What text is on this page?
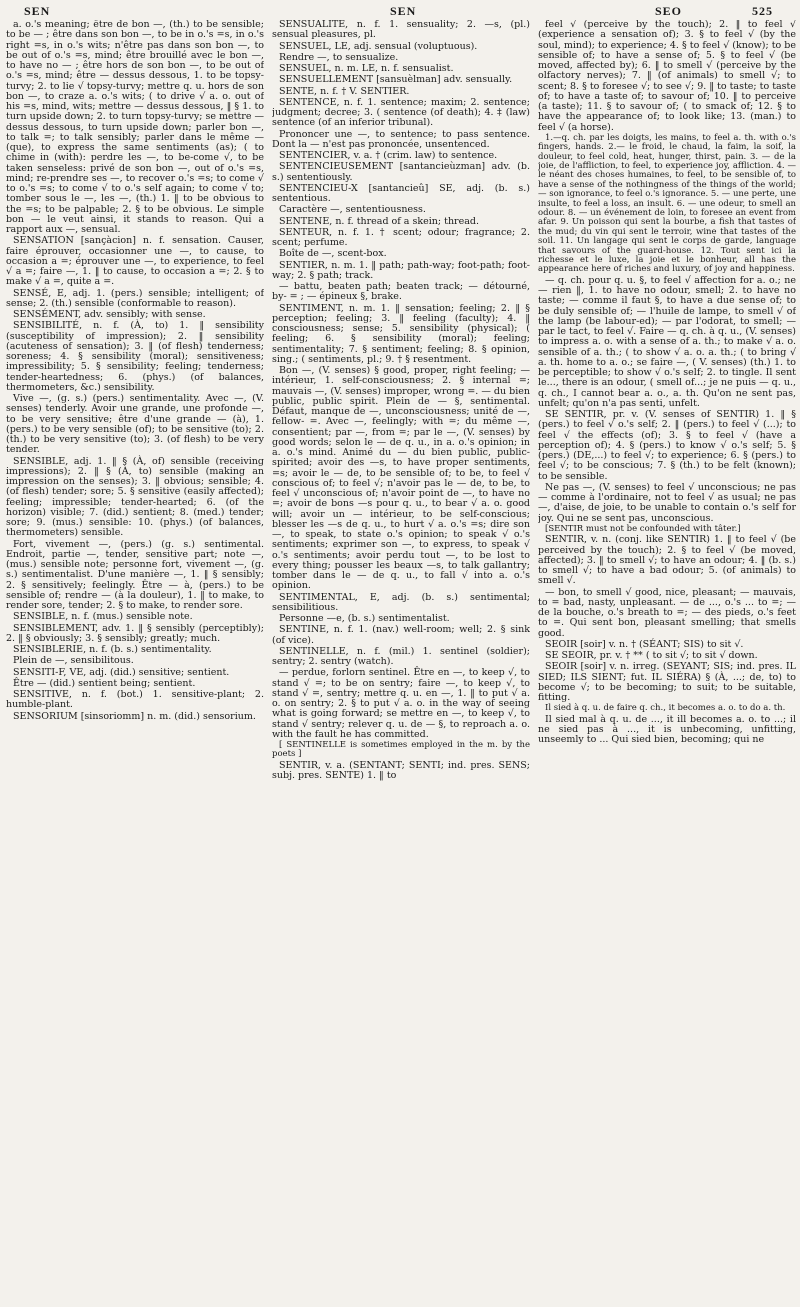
SEN	SEN	SEO	525

a. o.'s meaning; être de bon —, (th.) to be sensible; to be — ; être dans son bon —, to be in o.'s =s, in o.'s right =s, in o.'s wits; n'être pas dans son bon —, to be out of o.'s =s, mind; être brouillé avec le bon —, to have no — ; être hors de son bon —, to be out of o.'s =s, mind; être — dessus dessous, 1. to be topsy-turvy; 2. to lie √ topsy-turvy; mettre q. u. hors de son bon —, to craze a. o.'s wits; ( to drive √ a. o. out of his =s, mind, wits; mettre — dessus dessous, ‖ § 1. to turn upside down; 2. to turn topsy-turvy; se mettre — dessus dessous, to turn upside down; parler bon —, to talk =; to talk sensibly; parler dans le même — (que), to express the same sentiments (as); ( to chime in (with): perdre les —, to be-come √, to be taken senseless: privé de son bon —, out of o.'s =s, mind; re-prendre ses —, to recover o.'s =s; to come √ to o.'s =s; to come √ to o.'s self again; to come √ to; tomber sous le —, les —, (th.) 1. ‖ to be obvious to the =s; to be palpable; 2. § to be obvious. Le simple bon — le veut ainsi, it stands to reason. Qui a rapport aux —, sensual.

SENSATION [sançàcion] n. f. sensation. Causer, faire éprouver, occasionner une —, to cause, to occasion a =; éprouver une —, to experience, to feel √ a =; faire —, 1. ‖ to cause, to occasion a =; 2. § to make √ a =, quite a =.

SENSÉ, E, adj. 1. (pers.) sensible; intelligent; of sense; 2. (th.) sensible (conformable to reason).

SENSÉMENT, adv. sensibly; with sense.

SENSIBILITÉ, n. f. (À, to) 1. ‖ sensibility (susceptibility of impression); 2. ‖ sensibility (acuteness of sensation); 3. ‖ (of flesh) tenderness; soreness; 4. § sensibility (moral); sensitiveness; impressibility; 5. § sensibility; feeling; tenderness; tender-heartedness; 6. (phys.) (of balances, thermometers, &c.) sensibility.

Vive —, (g. s.) (pers.) sentimentality. Avec —, (V. senses) tenderly. Avoir une grande, une profonde —, to be very sensitive; être d'une grande — (à), 1. (pers.) to be very sensible (of); to be sensitive (to); 2. (th.) to be very sensitive (to); 3. (of flesh) to be very tender.

SENSIBLE, adj. 1. ‖ § (À, of) sensible (receiving impressions); 2. ‖ § (À, to) sensible (making an impression on the senses); 3. ‖ obvious; sensible; 4. (of flesh) tender; sore; 5. § sensitive (easily affected); feeling; impressible; tender-hearted; 6. (of the horizon) visible; 7. (did.) sentient; 8. (med.) tender; sore; 9. (mus.) sensible: 10. (phys.) (of balances, thermometers) sensible.

Fort, vivement —, (pers.) (g. s.) sentimental. Endroit, partie —, tender, sensitive part; note —, (mus.) sensible note; personne fort, vivement —, (g. s.) sentimentalist. D'une manière —, 1. ‖ § sensibly; 2. § sensitively; feelingly. Être — à, (pers.) to be sensible of; rendre — (à la douleur), 1. ‖ to make, to render sore, tender; 2. § to make, to render sore.

SENSIBLE, n. f. (mus.) sensible note.

SENSIBLEMENT, adv. 1. ‖ § sensibly (perceptibly); 2. ‖ § obviously; 3. § sensibly; greatly; much.

SENSIBLERIE, n. f. (b. s.) sentimentality.

Plein de —, sensibilitous.

SENSITI-F, VE, adj. (did.) sensitive; sentient.

Être — (did.) sentient being; sentient.

SENSITIVE, n. f. (bot.) 1. sensitive-plant; 2. humble-plant.

SENSORIUM [sinsoriomm] n. m. (did.) sensorium.

SENSUALITÉ, n. f. 1. sensuality; 2. —s, (pl.) sensual pleasures, pl.

SENSUEL, LE, adj. sensual (voluptuous).

Rendre —, to sensualize.

SENSUEL, n. m. LE, n. f. sensualist.

SENSUELLEMENT [sansuèlman] adv. sensually.

SENTE, n. f. † V. SENTIER.

SENTENCE, n. f. 1. sentence; maxim; 2. sentence; judgment; decree; 3. ( sentence (of death); 4. ‡ (law) sentence (of an inferior tribunal).

Prononcer une —, to sentence; to pass sentence. Dont la — n'est pas prononcée, unsentenced.

SENTENCIER, v. a. † (crim. law) to sentence.

SENTENCIEUSEMENT [santancieùzman] adv. (b. s.) sententiously.

SENTENCIEU-X [santancieû] SE, adj. (b. s.) sententious.

Caractère —, sententiousness.

SENTENE, n. f. thread of a skein; thread.

SENTEUR, n. f. 1. † scent; odour; fragrance; 2. scent; perfume.

Boîte de —, scent-box.

SENTIER, n. m. 1. ‖ path; path-way; foot-path; foot-way; 2. § path; track.

— battu, beaten path; beaten track; — détourné, by- = ; — épineux §, brake.

SENTIMENT, n. m. 1. ‖ sensation; feeling; 2. ‖ § perception; feeling; 3. ‖ feeling (faculty); 4. ‖ consciousness; sense; 5. sensibility (physical); ( feeling; 6. § sensibility (moral); feeling; sentimentality; 7. § sentiment; feeling; 8. § opinion, sing.; ( sentiments, pl.; 9. † § resentment.

Bon —, (V. senses) § good, proper, right feeling; — intérieur, 1. self-consciousness; 2. § internal =; mauvais —, (V. senses) improper, wrong =. — du bien public, public spirit. Plein de — §, sentimental. Défaut, manque de —, unconsciousness; unité de —, fellow- =. Avec —, feelingly; with =; du même —, consentient; par —, from =; par le —, (V. senses) by good words; selon le — de q. u., in a. o.'s opinion; in a. o.'s mind. Animé du — du bien public, public-spirited; avoir des —s, to have proper sentiments, =s; avoir le — de, to be sensible of; to be, to feel √ conscious of; to feel √; n'avoir pas le — de, to be, to feel √ unconscious of; n'avoir point de —, to have no =; avoir de bons —s pour q. u., to bear √ a. o. good will; avoir un — intérieur, to be self-conscious; blesser les —s de q. u., to hurt √ a. o.'s =s; dire son —, to speak, to state o.'s opinion; to speak √ o.'s sentiments; exprimer son —, to express, to speak √ o.'s sentiments; avoir perdu tout —, to be lost to every thing; pousser les beaux —s, to talk gallantry; tomber dans le — de q. u., to fall √ into a. o.'s opinion.

SENTIMENTAL, E, adj. (b. s.) sentimental; sensibilitious.

Personne —e, (b. s.) sentimentalist.

SENTINE, n. f. 1. (nav.) well-room; well; 2. § sink (of vice).

SENTINELLE, n. f. (mil.) 1. sentinel (soldier); sentry; 2. sentry (watch).

— perdue, forlorn sentinel. Être en —, to keep √, to stand √ =; to be on sentry; faire —, to keep √, to stand √ =, sentry; mettre q. u. en —, 1. ‖ to put √ a. o. on sentry; 2. § to put √ a. o. in the way of seeing what is going forward; se mettre en —, to keep √, to stand √ sentry; relever q. u. de — §, to reproach a. o. with the fault he has committed.

[ SENTINELLE is sometimes employed in the m. by the poets ]

SENTIR, v. a. (SENTANT; SENTI; ind. pres. SENS; subj. pres. SENTE) 1. ‖ to

feel √ (perceive by the touch); 2. ‖ to feel √ (experience a sensation of); 3. § to feel √ (by the soul, mind); to experience; 4. § to feel √ (know); to be sensible of; to have a sense of; 5. § to feel √ (be moved, affected by); 6. ‖ to smell √ (perceive by the olfactory nerves); 7. ‖ (of animals) to smell √; to scent; 8. § to foresee √; to see √; 9. ‖ to taste; to taste of; to have a taste of; to savour of; 10. ‖ to perceive (a taste); 11. § to savour of; ( to smack of; 12. § to have the appearance of; to look like; 13. (man.) to feel √ (a horse).

1.—q. ch. par les doigts, les mains, to feel a. th. with o.'s fingers, hands. 2.— le froid, le chaud, la faim, la soif, la douleur, to feel cold, heat, hunger, thirst, pain. 3. — de la joie, de l'affliction, to feel, to experience joy, affliction. 4. — le néant des choses humaines, to feel, to be sensible of, to have a sense of the nothingness of the things of the world; — son ignorance, to feel o.'s ignorance. 5. — une perte, une insulte, to feel a loss, an insult. 6. — une odeur, to smell an odour. 8. — un événement de loin, to foresee an event from afar. 9. Un poisson qui sent la bourbe, a fish that tastes of the mud; du vin qui sent le terroir, wine that tastes of the soil. 11. Un langage qui sent le corps de garde, language that savours of the guard-house. 12. Tout sent ici la richesse et le luxe, la joie et le bonheur, all has the appearance here of riches and luxury, of joy and happiness.

— q. ch. pour q. u. §, to feel √ affection for a. o.; ne — rien ‖, 1. to have no odour, smell; 2. to have no taste; — comme il faut §, to have a due sense of; to be duly sensible of; — l'huile de lampe, to smell √ of the lamp (be labour-ed); — par l'odorat, to smell; — par le tact, to feel √. Faire — q. ch. à q. u., (V. senses) to impress a. o. with a sense of a. th.; to make √ a. o. sensible of a. th.; ( to show √ a. o. a. th.; ( to bring √ a. th. home to a. o.; se faire —, ( V. senses) (th.) 1. to be perceptible; to show √ o.'s self; 2. to tingle. Il sent le..., there is an odour, ( smell of...; je ne puis — q. u., q. ch., I cannot bear a. o., a. th. Qu'on ne sent pas, unfelt; qu'on n'a pas senti, unfelt.

SE SENTIR, pr. v. (V. senses of SENTIR) 1. ‖ § (pers.) to feel √ o.'s self; 2. ‖ (pers.) to feel √ (...); to feel √ the effects (of); 3. § to feel √ (have a perception of); 4. § (pers.) to know √ o.'s self; 5. § (pers.) (DE,...) to feel √; to experience; 6. § (pers.) to feel √; to be conscious; 7. § (th.) to be felt (known); to be sensible.

Ne pas —, (V. senses) to feel √ unconscious; ne pas — comme à l'ordinaire, not to feel √ as usual; ne pas —, d'aise, de joie, to be unable to contain o.'s self for joy. Qui ne se sent pas, unconscious.

[SENTIR must not be confounded with tâter.]

SENTIR, v. n. (conj. like SENTIR) 1. ‖ to feel √ (be perceived by the touch); 2. § to feel √ (be moved, affected); 3. ‖ to smell √; to have an odour; 4. ‖ (b. s.) to smell √; to have a bad odour; 5. (of animals) to smell √.

— bon, to smell √ good, nice, pleasant; — mauvais, to = bad, nasty, unpleasant. — de ..., o.'s ... to =; — de la bouche, o.'s breath to =; — des pieds, o.'s feet to =. Qui sent bon, pleasant smelling; that smells good.

SEOIR [soir] v. n. † (SÉANT; SIS) to sit √.

SE SEOIR, pr. v. † ** ( to sit √; to sit √ down.

SEOIR [soir] v. n. irreg. (SEYANT; SIS; ind. pres. IL SIED; ILS SIENT; fut. IL SIÉRA) § (À, ...; de, to) to become √; to be becoming; to suit; to be suitable, fitting.

Il sied à q. u. de faire q. ch., it becomes a. o. to do a. th.

Il sied mal à q. u. de ..., it ill becomes a. o. to ...; il ne sied pas à ..., it is unbecoming, unfitting, unseemly to ... Qui sied bien, becoming; qui ne
